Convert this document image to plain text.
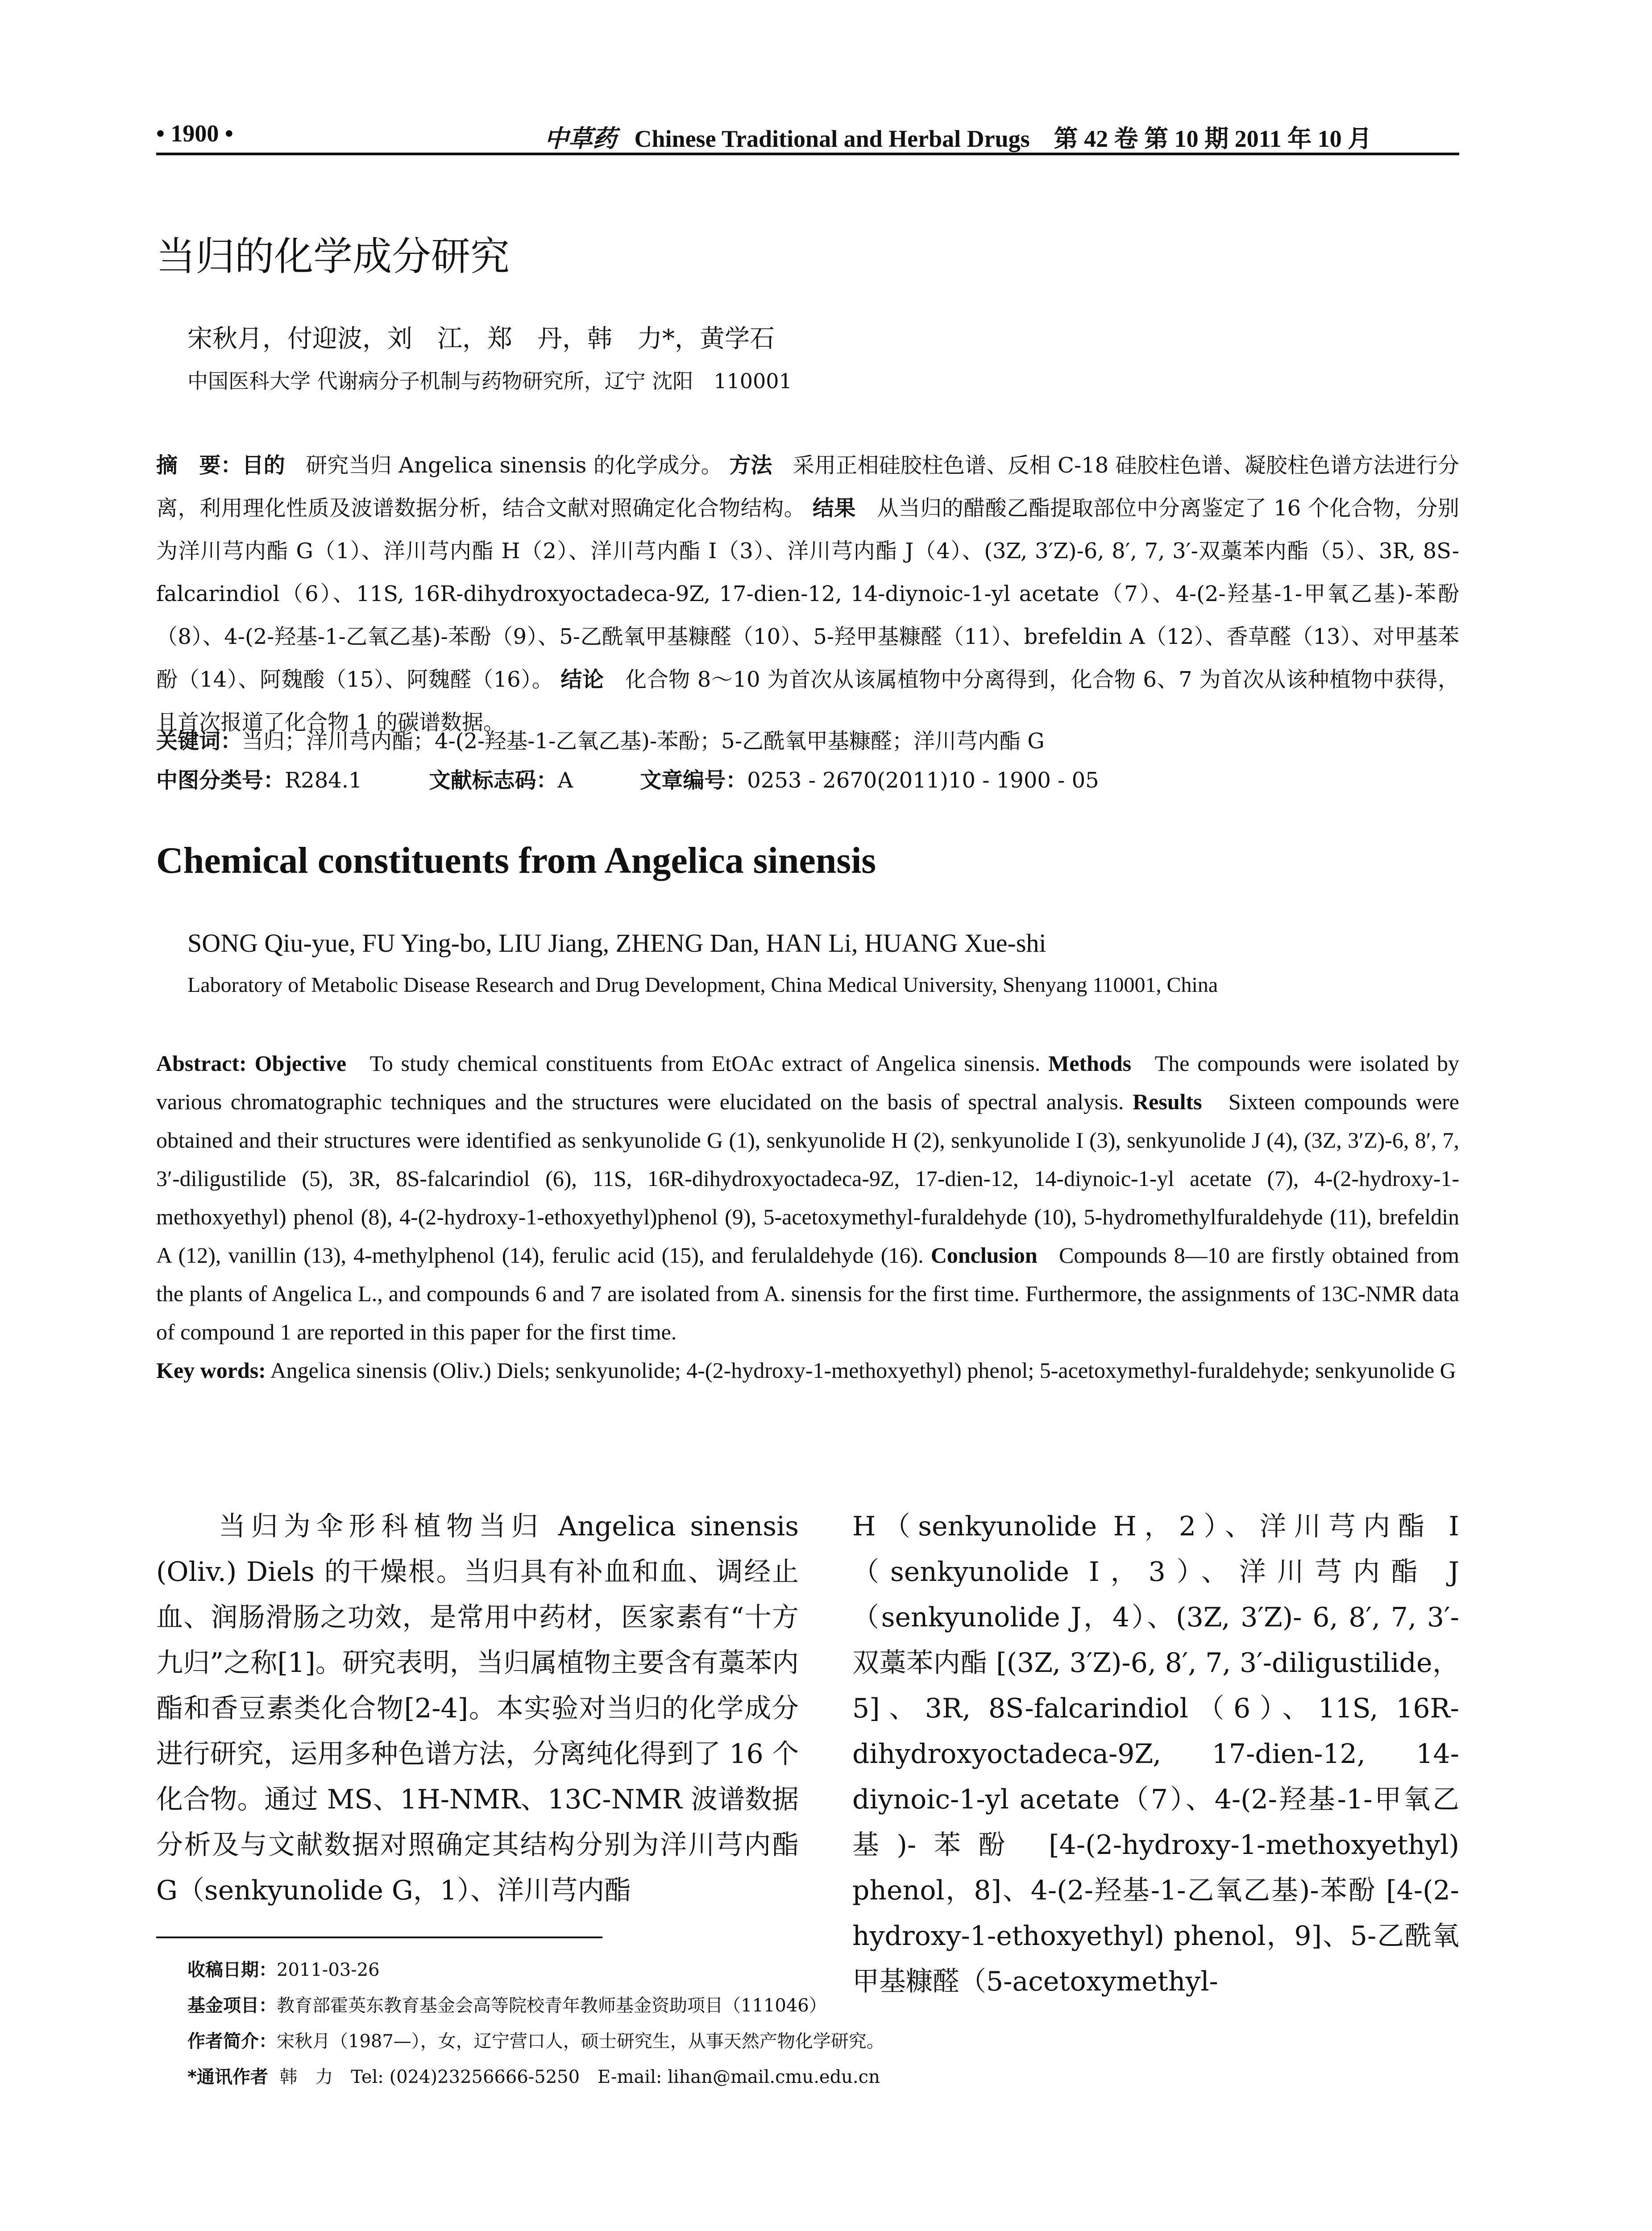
• 1900 •	中草药 Chinese Traditional and Herbal Drugs 第 42 卷 第 10 期 2011 年 10 月
当归的化学成分研究
宋秋月，付迎波，刘　江，郑　丹，韩　力*，黄学石
中国医科大学 代谢病分子机制与药物研究所，辽宁 沈阳　110001
摘　要：目的 研究当归 Angelica sinensis 的化学成分。 方法 采用正相硅胶柱色谱、反相 C-18 硅胶柱色谱、凝胶柱色谱方法进行分离，利用理化性质及波谱数据分析，结合文献对照确定化合物结构。 结果 从当归的醋酸乙酯提取部位中分离鉴定了 16 个化合物，分别为洋川芎内酯 G（1）、洋川芎内酯 H（2）、洋川芎内酯 I（3）、洋川芎内酯 J（4）、(3Z, 3′Z)-6, 8′, 7, 3′-双藁苯内酯（5）、3R, 8S-falcarindiol（6）、11S, 16R-dihydroxyoctadeca-9Z, 17-dien-12, 14-diynoic-1-yl acetate（7）、4-(2-羟基-1-甲氧乙基)-苯酚（8）、4-(2-羟基-1-乙氧乙基)-苯酚（9）、5-乙酰氧甲基糠醛（10）、5-羟甲基糠醛（11）、brefeldin A（12）、香草醛（13）、对甲基苯酚（14）、阿魏酸（15）、阿魏醛（16）。 结论 化合物 8～10 为首次从该属植物中分离得到，化合物 6、7 为首次从该种植物中获得，且首次报道了化合物 1 的碳谱数据。
关键词：当归；洋川芎内酯；4-(2-羟基-1-乙氧乙基)-苯酚；5-乙酰氧甲基糠醛；洋川芎内酯 G
中图分类号：R284.1	文献标志码：A	文章编号：0253 - 2670(2011)10 - 1900 - 05
Chemical constituents from Angelica sinensis
SONG Qiu-yue, FU Ying-bo, LIU Jiang, ZHENG Dan, HAN Li, HUANG Xue-shi
Laboratory of Metabolic Disease Research and Drug Development, China Medical University, Shenyang 110001, China
Abstract: Objective To study chemical constituents from EtOAc extract of Angelica sinensis. Methods The compounds were isolated by various chromatographic techniques and the structures were elucidated on the basis of spectral analysis. Results Sixteen compounds were obtained and their structures were identified as senkyunolide G (1), senkyunolide H (2), senkyunolide I (3), senkyunolide J (4), (3Z, 3′Z)-6, 8′, 7, 3′-diligustilide (5), 3R, 8S-falcarindiol (6), 11S, 16R-dihydroxyoctadeca-9Z, 17-dien-12, 14-diynoic-1-yl acetate (7), 4-(2-hydroxy-1-methoxyethyl) phenol (8), 4-(2-hydroxy-1-ethoxyethyl)phenol (9), 5-acetoxymethyl-furaldehyde (10), 5-hydromethylfuraldehyde (11), brefeldin A (12), vanillin (13), 4-methylphenol (14), ferulic acid (15), and ferulaldehyde (16). Conclusion Compounds 8—10 are firstly obtained from the plants of Angelica L., and compounds 6 and 7 are isolated from A. sinensis for the first time. Furthermore, the assignments of 13C-NMR data of compound 1 are reported in this paper for the first time.
Key words: Angelica sinensis (Oliv.) Diels; senkyunolide; 4-(2-hydroxy-1-methoxyethyl) phenol; 5-acetoxymethyl-furaldehyde; senkyunolide G
当归为伞形科植物当归 Angelica sinensis (Oliv.) Diels 的干燥根。当归具有补血和血、调经止血、润肠滑肠之功效，是常用中药材，医家素有“十方九归”之称[1]。研究表明，当归属植物主要含有藁苯内酯和香豆素类化合物[2-4]。本实验对当归的化学成分进行研究，运用多种色谱方法，分离纯化得到了 16 个化合物。通过 MS、1H-NMR、13C-NMR 波谱数据分析及与文献数据对照确定其结构分别为洋川芎内酯 G（senkyunolide G，1）、洋川芎内酯
H（senkyunolide H，2）、洋川芎内酯 I（senkyunolide I，3）、洋川芎内酯 J（senkyunolide J，4）、(3Z, 3′Z)- 6, 8′, 7, 3′- 双藁苯内酯 [(3Z, 3′Z)-6, 8′, 7, 3′-diligustilide，5]、3R, 8S-falcarindiol（6）、11S, 16R-dihydroxyoctadeca-9Z, 17-dien-12, 14-diynoic-1-yl acetate（7）、4-(2-羟基-1-甲氧乙基)-苯酚 [4-(2-hydroxy-1-methoxyethyl) phenol，8]、4-(2-羟基-1-乙氧乙基)-苯酚 [4-(2-hydroxy-1-ethoxyethyl) phenol，9]、5-乙酰氧甲基糠醛（5-acetoxymethyl-
收稿日期：2011-03-26
基金项目：教育部霍英东教育基金会高等院校青年教师基金资助项目（111046）
作者简介：宋秋月（1987—），女，辽宁营口人，硕士研究生，从事天然产物化学研究。
*通讯作者 韩　力　Tel: (024)23256666-5250　E-mail: lihan@mail.cmu.edu.cn
